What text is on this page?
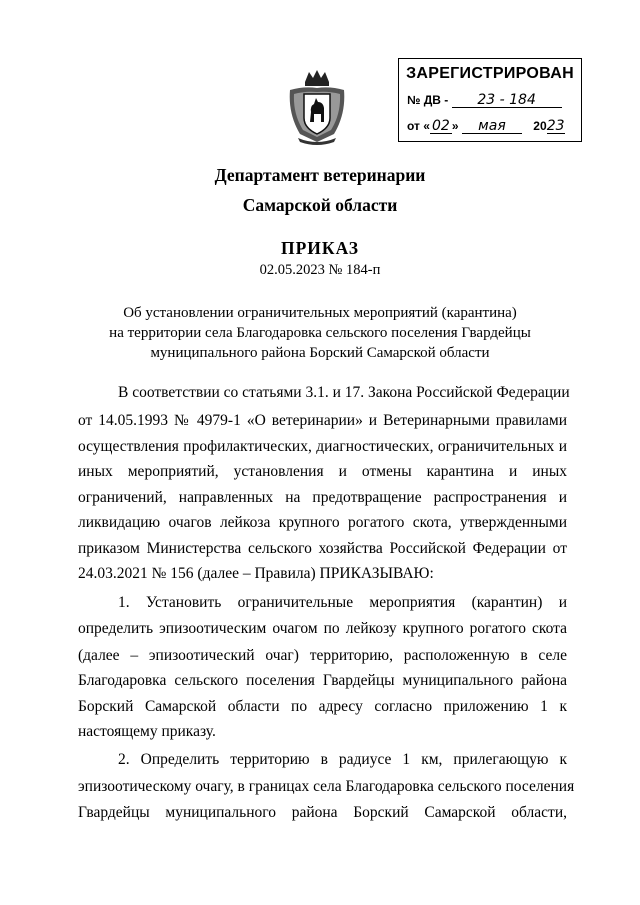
ЗАРЕГИСТРИРОВАН
№ ДВ - 23 - 184
от « 02 » мая 2023
Департамент ветеринарии
Самарской области
ПРИКАЗ
02.05.2023 № 184-п
Об установлении ограничительных мероприятий (карантина)
на территории села Благодаровка сельского поселения Гвардейцы
муниципального района Борский Самарской области
В соответствии со статьями 3.1. и 17. Закона Российской Федерации
от 14.05.1993 № 4979-1 «О ветеринарии» и Ветеринарными правилами
осуществления профилактических, диагностических, ограничительных и
иных мероприятий, установления и отмены карантина и иных
ограничений, направленных на предотвращение распространения и
ликвидацию очагов лейкоза крупного рогатого скота, утвержденными
приказом Министерства сельского хозяйства Российской Федерации от
24.03.2021 № 156 (далее – Правила) ПРИКАЗЫВАЮ:
1. Установить ограничительные мероприятия (карантин) и
определить эпизоотическим очагом по лейкозу крупного рогатого скота
(далее – эпизоотический очаг) территорию, расположенную в селе
Благодаровка сельского поселения Гвардейцы муниципального района
Борский Самарской области по адресу согласно приложению 1 к
настоящему приказу.
2. Определить территорию в радиусе 1 км, прилегающую к
эпизоотическому очагу, в границах села Благодаровка сельского поселения
Гвардейцы муниципального района Борский Самарской области,
